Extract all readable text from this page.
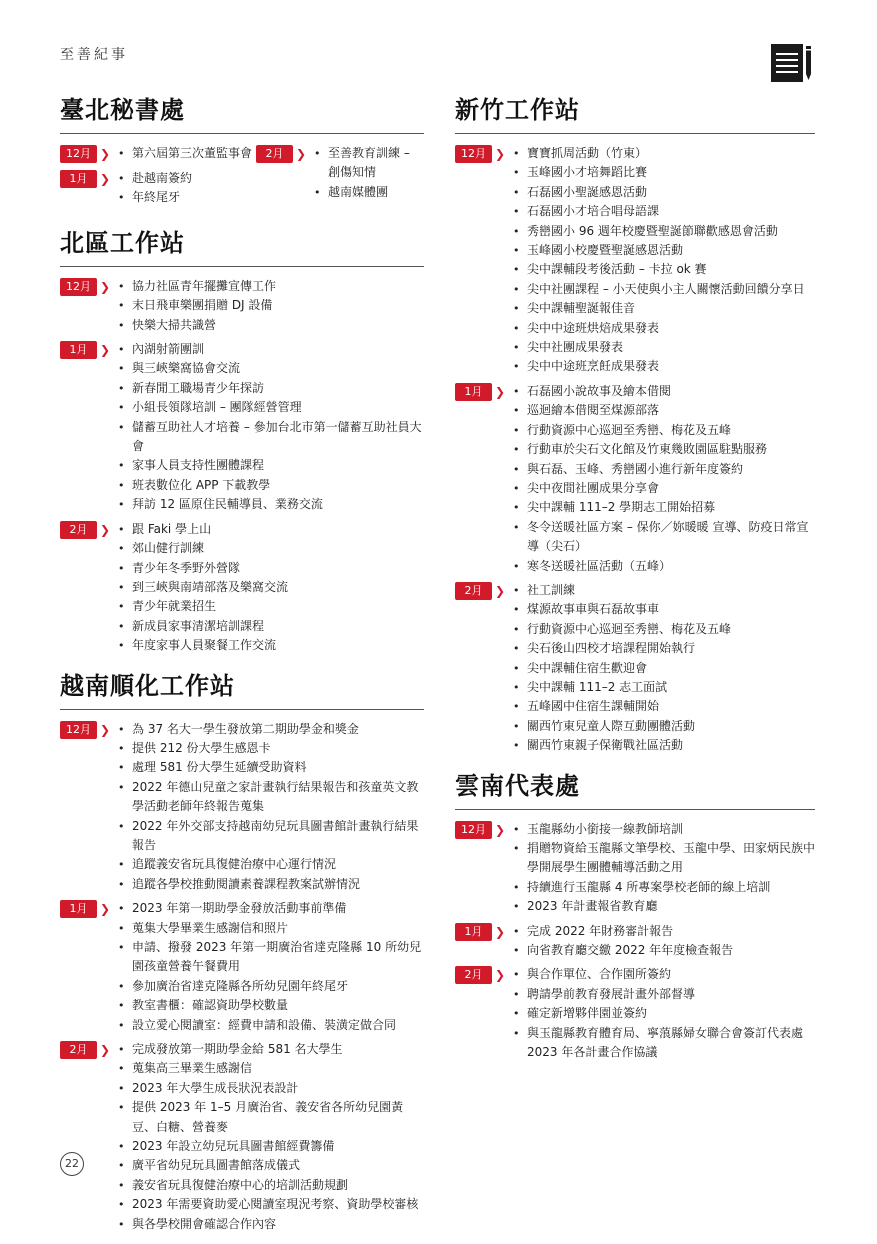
至善紀事
臺北秘書處
12月 ❯	• 第六屆第三次董監事會
1月	❯	• 赴越南簽約
• 年終尾牙
2月	❯	• 至善教育訓練 – 創傷知情
• 越南媒體團
北區工作站
12月 ❯	• 協力社區青年擺攤宣傳工作
• 末日飛車樂團捐贈 DJ 設備
• 快樂大掃共識營
1月	❯	• 內湖射箭團訓
• 與三峽樂窩協會交流
• 新春閒工職場青少年探訪
• 小組長領隊培訓 – 團隊經營管理
• 儲蓄互助社人才培養 – 參加台北市第一儲蓄互助社員大會
• 家事人員支持性團體課程
• 班表數位化 APP 下載教學
• 拜訪 12 區原住民輔導員、業務交流
2月	❯	• 跟 Faki 學上山
• 郊山健行訓練
• 青少年冬季野外營隊
• 到三峽與南靖部落及樂窩交流
• 青少年就業招生
• 新成員家事清潔培訓課程
• 年度家事人員聚餐工作交流
越南順化工作站
12月 ❯	• 為 37 名大一學生發放第二期助學金和獎金
• 提供 212 份大學生感恩卡
• 處理 581 份大學生延續受助資料
• 2022 年德山兒童之家計畫執行結果報告和孩童英文教學活動老師年終報告蒐集
• 2022 年外交部支持越南幼兒玩具圖書館計畫執行結果報告
• 追蹤義安省玩具復健治療中心運行情況
• 追蹤各學校推動閱讀素養課程教案試辦情況
1月	❯	• 2023 年第一期助學金發放活動事前準備
• 蒐集大學畢業生感謝信和照片
• 申請、撥發 2023 年第一期廣治省達克隆縣 10 所幼兒園孩童營養午餐費用
• 參加廣治省達克隆縣各所幼兒園年終尾牙
• 教室書櫃：確認資助學校數量
• 設立愛心閱讀室：經費申請和設備、裝潢定做合同
2月	❯	• 完成發放第一期助學金給 581 名大學生
• 蒐集高三畢業生感謝信
• 2023 年大學生成長狀況表設計
• 提供 2023 年 1–5 月廣治省、義安省各所幼兒園黃豆、白糖、營養麥
• 2023 年設立幼兒玩具圖書館經費籌備
• 廣平省幼兒玩具圖書館落成儀式
• 義安省玩具復健治療中心的培訓活動規劃
• 2023 年需要資助愛心閱讀室現況考察、資助學校審核
• 與各學校開會確認合作內容
新竹工作站
12月 ❯	• 寶寶抓周活動（竹東）
• 玉峰國小才培舞蹈比賽
• 石磊國小聖誕感恩活動
• 石磊國小才培合唱母語課
• 秀巒國小 96 週年校慶暨聖誕節聯歡感恩會活動
• 玉峰國小校慶暨聖誕感恩活動
• 尖中課輔段考後活動 – 卡拉 ok 賽
• 尖中社團課程 – 小天使與小主人關懷活動回饋分享日
• 尖中課輔聖誕報佳音
• 尖中中途班烘焙成果發表
• 尖中社團成果發表
• 尖中中途班烹飪成果發表
1月	❯	• 石磊國小說故事及繪本借閱
• 巡迴繪本借閱至煤源部落
• 行動資源中心巡迴至秀巒、梅花及五峰
• 行動車於尖石文化館及竹東幾敗園區駐點服務
• 與石磊、玉峰、秀巒國小進行新年度簽約
• 尖中夜間社團成果分享會
• 尖中課輔 111–2 學期志工開始招募
• 冬令送暖社區方案 – 保你／妳暖暖 宣導、防疫日常宣導（尖石）
• 寒冬送暖社區活動（五峰）
2月	❯	• 社工訓練
• 煤源故事車與石磊故事車
• 行動資源中心巡迴至秀巒、梅花及五峰
• 尖石後山四校才培課程開始執行
• 尖中課輔住宿生歡迎會
• 尖中課輔 111–2 志工面試
• 五峰國中住宿生課輔開始
• 關西竹東兒童人際互動團體活動
• 關西竹東親子保衛戰社區活動
雲南代表處
12月 ❯	• 玉龍縣幼小銜接一線教師培訓
• 捐贈物資給玉龍縣文筆學校、玉龍中學、田家炳民族中學開展學生團體輔導活動之用
• 持續進行玉龍縣 4 所專案學校老師的線上培訓
• 2023 年計畫報省教育廳
1月	❯	• 完成 2022 年財務審計報告
• 向省教育廳交繳 2022 年年度檢查報告
2月	❯	• 與合作單位、合作園所簽約
• 聘請學前教育發展計畫外部督導
• 確定新增夥伴園並簽約
• 與玉龍縣教育體育局、寧蒗縣婦女聯合會簽訂代表處 2023 年各計畫合作協議
22
